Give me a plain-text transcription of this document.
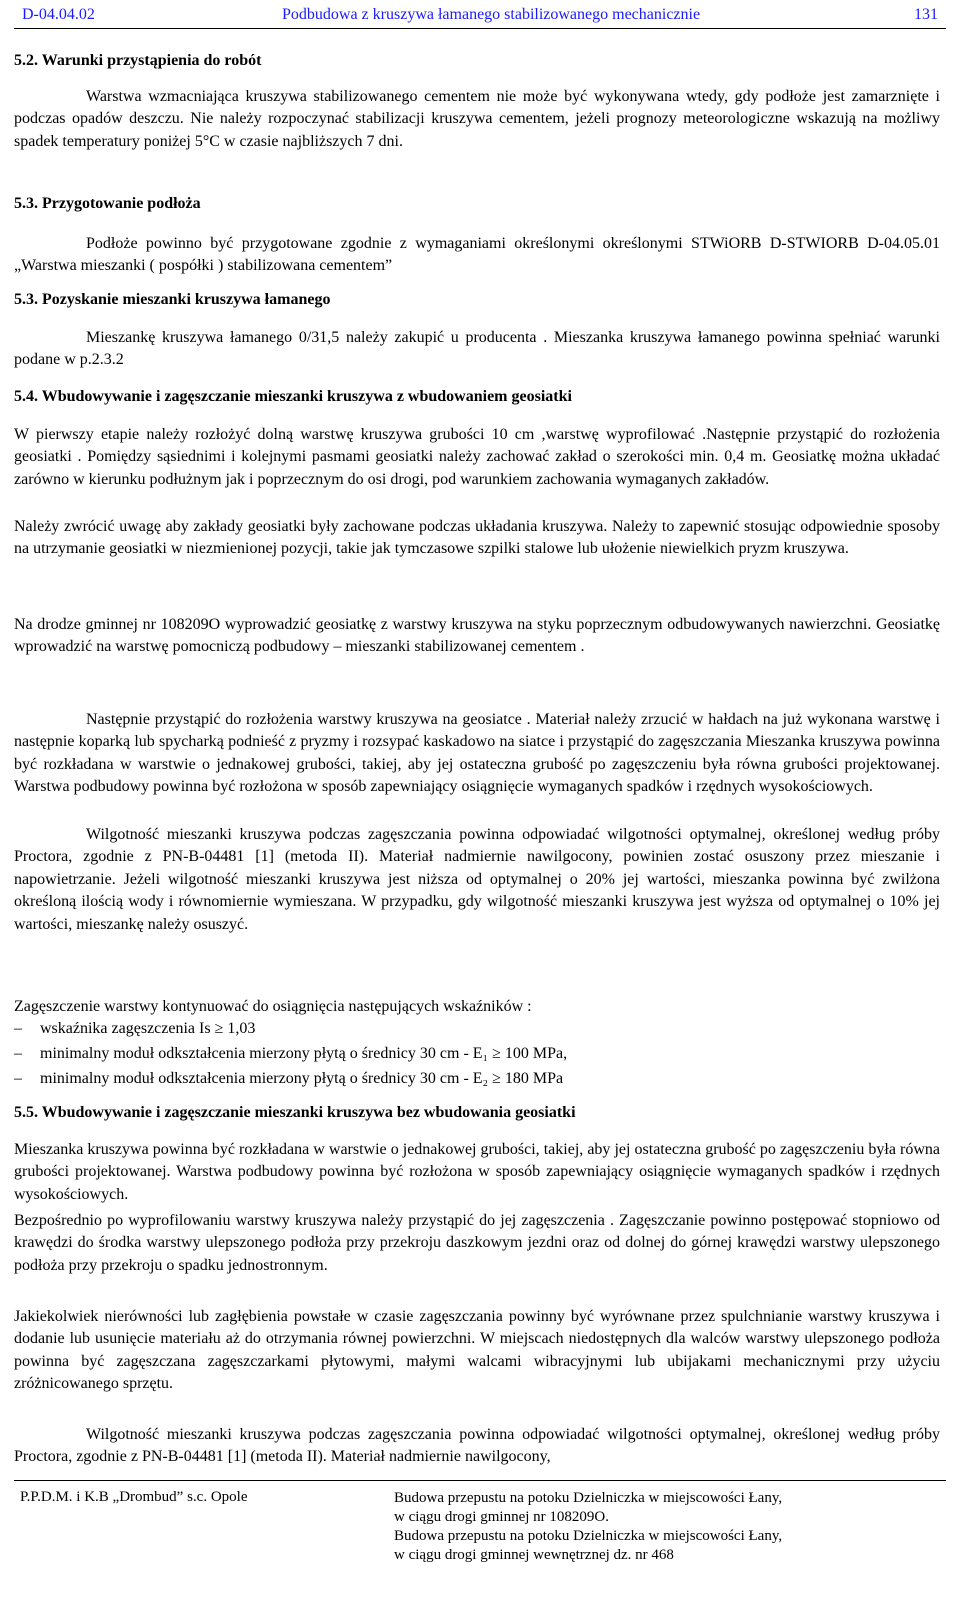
D-04.04.02	Podbudowa z kruszywa łamanego stabilizowanego mechanicznie	131
5.2. Warunki przystąpienia do robót
Warstwa wzmacniająca kruszywa stabilizowanego cementem nie może być wykonywana wtedy, gdy podłoże jest zamarznięte i podczas opadów deszczu. Nie należy rozpoczynać stabilizacji kruszywa cementem, jeżeli prognozy meteorologiczne wskazują na możliwy spadek temperatury poniżej 5°C w czasie najbliższych 7 dni.
5.3. Przygotowanie podłoża
Podłoże powinno być przygotowane zgodnie z wymaganiami określonymi określonymi STWiORB D-STWIORB D-04.05.01 „Warstwa mieszanki ( pospółki ) stabilizowana cementem”
5.3. Pozyskanie mieszanki kruszywa łamanego
Mieszankę kruszywa łamanego 0/31,5 należy zakupić u producenta . Mieszanka kruszywa łamanego powinna spełniać warunki podane w p.2.3.2
5.4. Wbudowywanie i zagęszczanie mieszanki kruszywa z wbudowaniem geosiatki
W pierwszy etapie należy rozłożyć dolną warstwę kruszywa grubości 10 cm ,warstwę wyprofilować .Następnie przystąpić do rozłożenia geosiatki . Pomiędzy sąsiednimi i kolejnymi pasmami geosiatki należy zachować zakład o szerokości min. 0,4 m. Geosiatkę można układać zarówno w kierunku podłużnym jak i poprzecznym do osi drogi, pod warunkiem zachowania wymaganych zakładów.
Należy zwrócić uwagę aby zakłady geosiatki były zachowane podczas układania kruszywa. Należy to zapewnić stosując odpowiednie sposoby na utrzymanie geosiatki w niezmienionej pozycji, takie jak tymczasowe szpilki stalowe lub ułożenie niewielkich pryzm kruszywa.
Na drodze gminnej nr 108209O wyprowadzić geosiatkę z warstwy kruszywa na styku poprzecznym odbudowywanych nawierzchni. Geosiatkę wprowadzić na warstwę pomocniczą podbudowy – mieszanki stabilizowanej cementem .
Następnie przystąpić do rozłożenia warstwy kruszywa na geosiatce . Materiał należy zrzucić w hałdach na już wykonana warstwę i następnie koparką lub spycharką podnieść z pryzmy i rozsypać kaskadowo na siatce i przystąpić do zagęszczania Mieszanka kruszywa powinna być rozkładana w warstwie o jednakowej grubości, takiej, aby jej ostateczna grubość po zagęszczeniu była równa grubości projektowanej. Warstwa podbudowy powinna być rozłożona w sposób zapewniający osiągnięcie wymaganych spadków i rzędnych wysokościowych.
Wilgotność mieszanki kruszywa podczas zagęszczania powinna odpowiadać wilgotności optymalnej, określonej według próby Proctora, zgodnie z PN-B-04481 [1] (metoda II). Materiał nadmiernie nawilgocony, powinien zostać osuszony przez mieszanie i napowietrzanie. Jeżeli wilgotność mieszanki kruszywa jest niższa od optymalnej o 20% jej wartości, mieszanka powinna być zwilżona określoną ilością wody i równomiernie wymieszana. W przypadku, gdy wilgotność mieszanki kruszywa jest wyższa od optymalnej o 10% jej wartości, mieszankę należy osuszyć.
Zagęszczenie warstwy kontynuować do osiągnięcia następujących wskaźników :
– wskaźnika zagęszczenia Is ≥ 1,03
– minimalny moduł odkształcenia mierzony płytą o średnicy 30 cm - E₁ ≥ 100 MPa,
– minimalny moduł odkształcenia mierzony płytą o średnicy 30 cm - E₂ ≥ 180 MPa
5.5. Wbudowywanie i zagęszczanie mieszanki kruszywa bez wbudowania geosiatki
Mieszanka kruszywa powinna być rozkładana w warstwie o jednakowej grubości, takiej, aby jej ostateczna grubość po zagęszczeniu była równa grubości projektowanej. Warstwa podbudowy powinna być rozłożona w sposób zapewniający osiągnięcie wymaganych spadków i rzędnych wysokościowych.
Bezpośrednio po wyprofilowaniu warstwy kruszywa należy przystąpić do jej zagęszczenia . Zagęszczanie powinno postępować stopniowo od krawędzi do środka warstwy ulepszonego podłoża przy przekroju daszkowym jezdni oraz od dolnej do górnej krawędzi warstwy ulepszonego podłoża przy przekroju o spadku jednostronnym.
Jakiekolwiek nierówności lub zagłębienia powstałe w czasie zagęszczania powinny być wyrównane przez spulchnianie warstwy kruszywa i dodanie lub usunięcie materiału aż do otrzymania równej powierzchni. W miejscach niedostępnych dla walców warstwy ulepszonego podłoża powinna być zagęszczana zagęszczarkami płytowymi, małymi walcami wibracyjnymi lub ubijakami mechanicznymi przy użyciu zróżnicowanego sprzętu.
Wilgotność mieszanki kruszywa podczas zagęszczania powinna odpowiadać wilgotności optymalnej, określonej według próby Proctora, zgodnie z PN-B-04481 [1] (metoda II). Materiał nadmiernie nawilgocony,
P.P.D.M. i K.B „Drombud” s.c. Opole	Budowa przepustu na potoku Dzielniczka w miejscowości Łany,
w ciągu drogi gminnej nr 108209O.
Budowa przepustu na potoku Dzielniczka w miejscowości Łany,
w ciągu drogi gminnej wewnętrznej dz. nr 468
